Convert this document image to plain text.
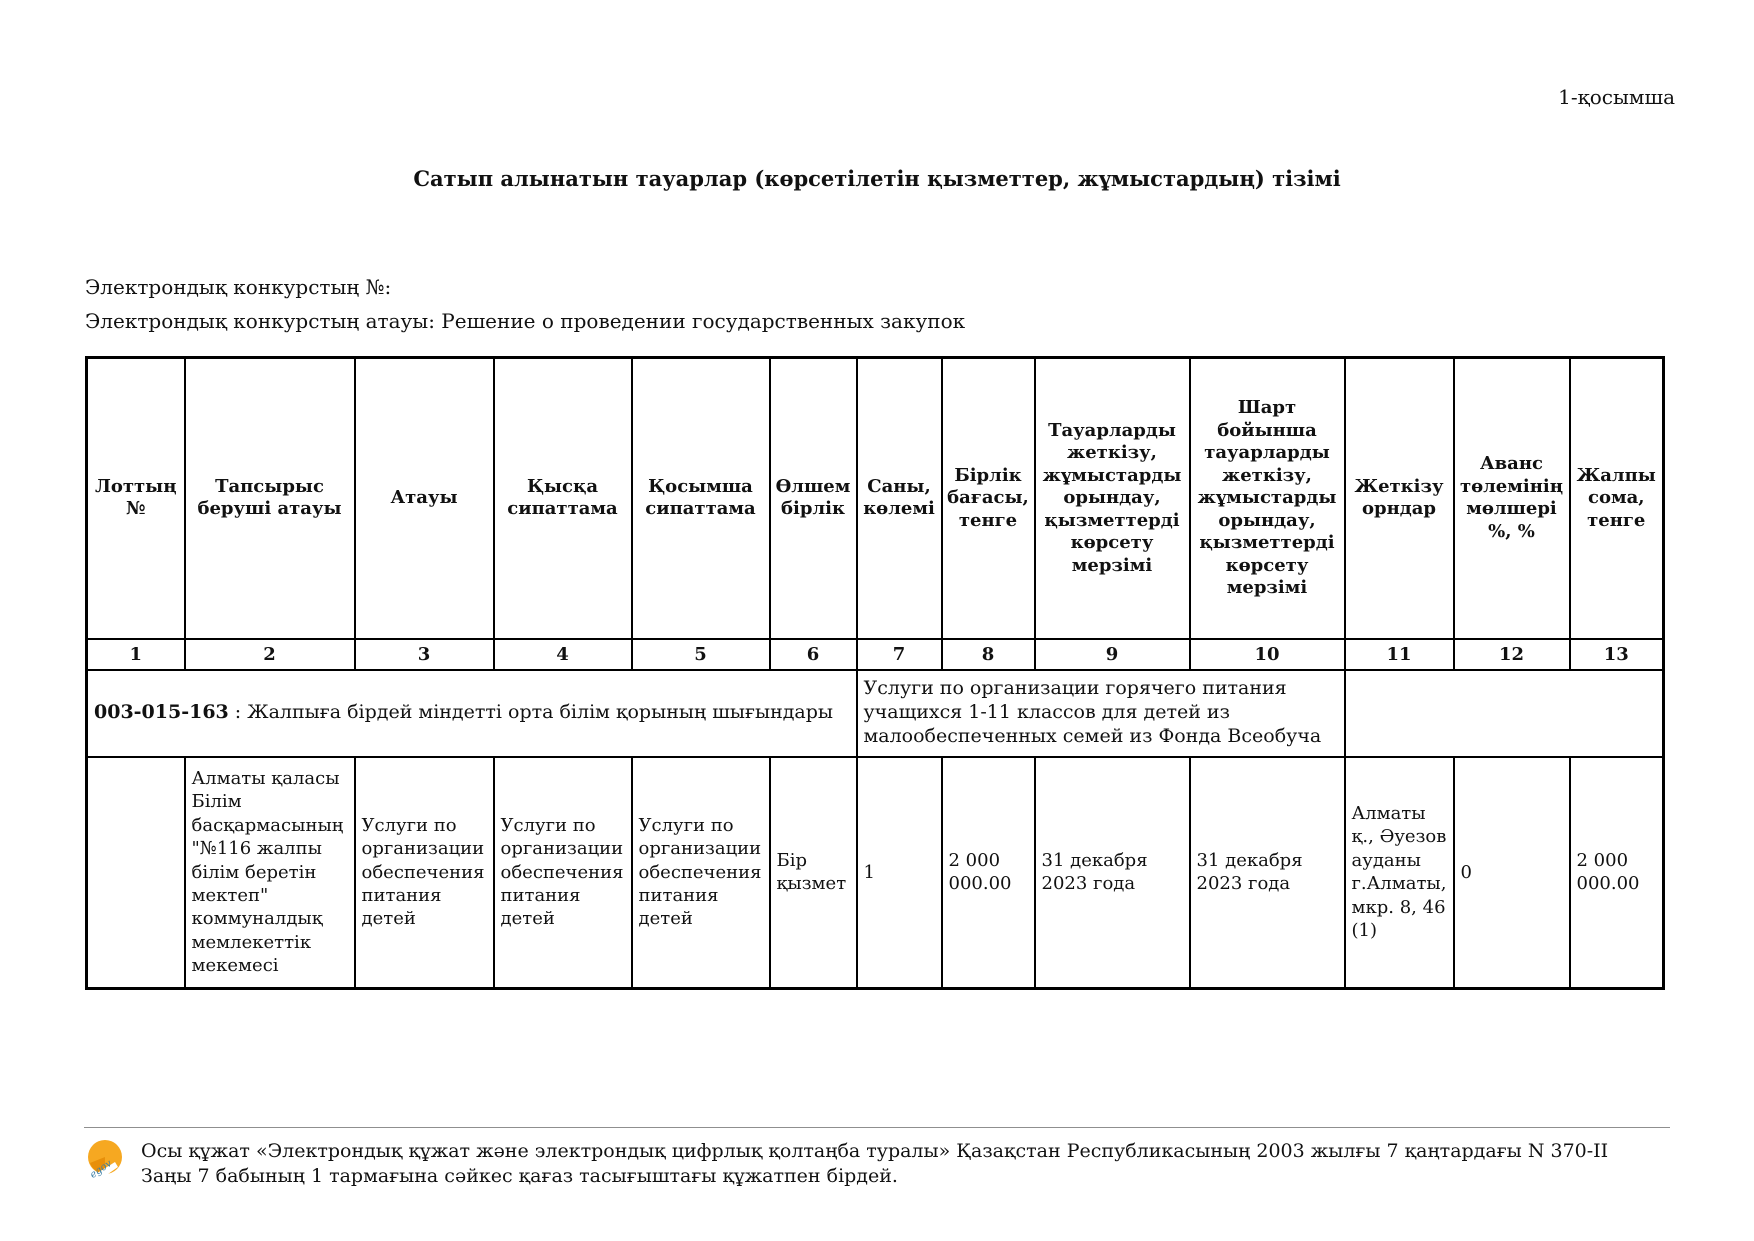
1-қосымша
Сатып алынатын тауарлар (көрсетілетін қызметтер, жұмыстардың) тізімі
Электрондық конкурстың №:
Электрондық конкурстың атауы: Решение о проведении государственных закупок
Лоттың №	Тапсырыс беруші атауы	Атауы	Қысқа сипаттама	Қосымша сипаттама	Өлшем бірлік	Саны, көлемі	Бірлік бағасы, тенге	Тауарларды жеткізу, жұмыстарды орындау, қызметтерді көрсету мерзімі	Шарт бойынша тауарларды жеткізу, жұмыстарды орындау, қызметтерді көрсету мерзімі	Жеткізу орндар	Аванс төлемінің мөлшері %, %	Жалпы сома, тенге
1	2	3	4	5	6	7	8	9	10	11	12	13
003-015-163 : Жалпыға бірдей міндетті орта білім қорының шығындары						Услуги по организации горячего питания учащихся 1-11 классов для детей из малообеспеченных семей из Фонда Всеобуча						
	Алматы қаласы Білім басқармасының "№116 жалпы білім беретін мектеп" коммуналдық мемлекеттік мекемесі	Услуги по организации обеспечения питания детей	Услуги по организации обеспечения питания детей	Услуги по организации обеспечения питания детей	Бір қызмет	1	2 000 000.00	31 декабря 2023 года	31 декабря 2023 года	Алматы қ., Әуезов ауданы г.Алматы, мкр. 8, 46 (1)	0	2 000 000.00
egov
Осы құжат «Электрондық құжат және электрондық цифрлық қолтаңба туралы» Қазақстан Республикасының 2003 жылғы 7 қаңтардағы N 370-II Заңы 7 бабының 1 тармағына сәйкес қағаз тасығыштағы құжатпен бірдей.
